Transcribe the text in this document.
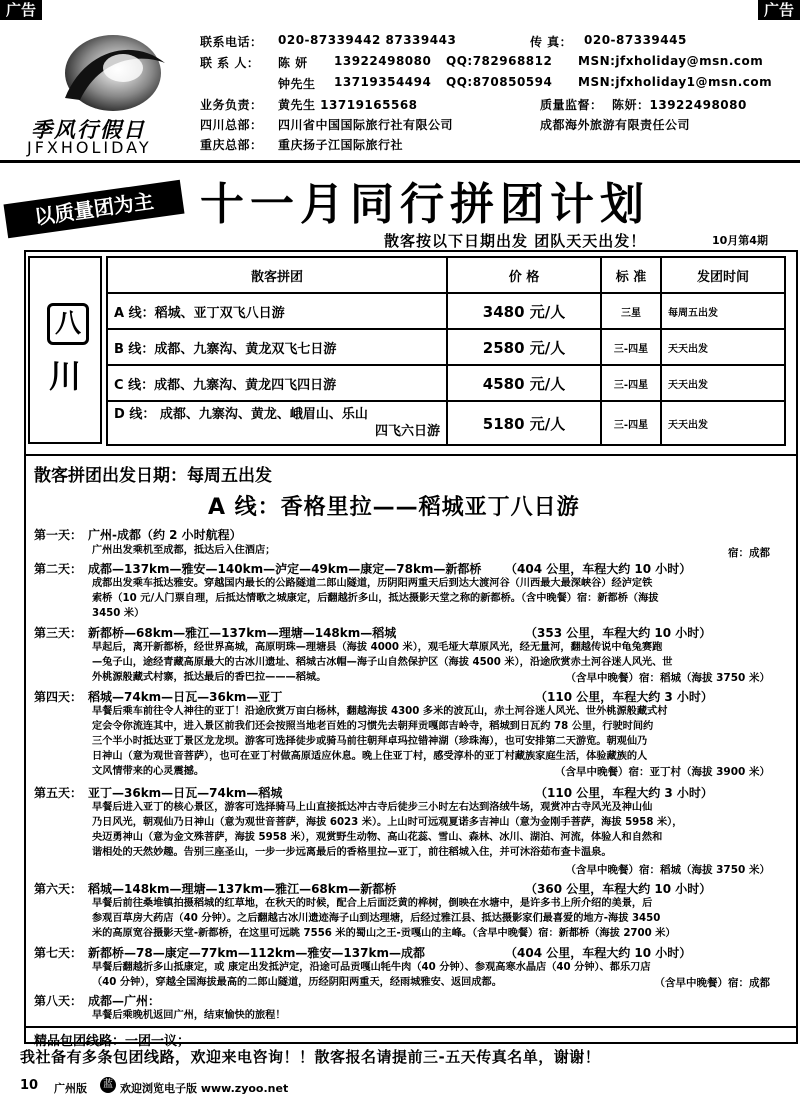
广告	广告
季风行假日
JFXHOLIDAY
联系电话： 020-87339442 87339443	传 真： 020-87339445
联 系 人： 陈 妍 13922498080 QQ:782968812 MSN:jfxholiday@msn.com
钟先生 13719354494 QQ:870850594 MSN:jfxholiday1@msn.com
业务负责： 黄先生 13719165568	质量监督： 陈妍：13922498080
四川总部： 四川省中国国际旅行社有限公司	成都海外旅游有限责任公司
重庆总部： 重庆扬子江国际旅行社
以质量团为主	十一月同行拼团计划
散客按以下日期出发 团队天天出发！	10月第4期
八
川
散客拼团	价 格	标 准	发团时间
A 线：稻城、亚丁双飞八日游	3480 元/人	三星	每周五出发
B 线：成都、九寨沟、黄龙双飞七日游	2580 元/人	三-四星	天天出发
C 线：成都、九寨沟、黄龙四飞四日游	4580 元/人	三-四星	天天出发

D 线： 成都、九寨沟、黄龙、峨眉山、乐山
四飞六日游	5180 元/人	三-四星	天天出发
散客拼团出发日期：每周五出发
A 线：香格里拉——稻城亚丁八日游
第一天： 广州-成都（约 2 小时航程）
广州出发乘机至成都，抵达后入住酒店；	宿：成都
第二天： 成都—137km—雅安—140km—泸定—49km—康定—78km—新都桥 （404 公里，车程大约 10 小时）
成都出发乘车抵达雅安。穿越国内最长的公路隧道二郎山隧道，历阴阳两重天后到达大渡河谷（川西最大最深峡谷）经泸定铁
索桥（10 元/人门票自理，后抵达情歌之城康定，后翻越折多山，抵达摄影天堂之称的新都桥。（含中晚餐）宿：新都桥（海拔
3450 米）
第三天： 新都桥—68km—雅江—137km—理塘—148km—稻城	（353 公里，车程大约 10 小时）
早起后，离开新都桥，经世界高城，高原明珠—理塘县（海拔 4000 米），观毛垭大草原风光，经无量河，翻越传说中龟兔赛跑
—兔子山，途经青藏高原最大的古冰川遗址、稻城古冰帽—海子山自然保护区（海拔 4500 米），沿途欣赏赤土河谷迷人风光、世
外桃源般藏式村寨，抵达最后的香巴拉———稻城。	（含早中晚餐）宿：稻城（海拔 3750 米）
第四天： 稻城—74km—日瓦—36km—亚丁	（110 公里，车程大约 3 小时）
早餐后乘车前往令人神往的亚丁！沿途欣赏万亩白杨林，翻越海拔 4300 多米的波瓦山，赤土河谷迷人风光、世外桃源般藏式村
定会令你流连其中，进入景区前我们还会按照当地老百姓的习惯先去朝拜贡嘎郎吉岭寺，稻城到日瓦约 78 公里，行驶时间约
三个半小时抵达亚丁景区龙龙坝。游客可选择徒步或骑马前往朝拜卓玛拉错神湖（珍珠海），也可安排第二天游览。朝观仙乃
日神山（意为观世音菩萨），也可在亚丁村做高原适应休息。晚上住亚丁村，感受淳朴的亚丁村藏族家庭生活，体验藏族的人
文风情带来的心灵震撼。	（含早中晚餐）宿：亚丁村（海拔 3900 米）
第五天： 亚丁—36km—日瓦—74km—稻城	（110 公里，车程大约 3 小时）
早餐后进入亚丁的核心景区，游客可选择骑马上山直接抵达冲古寺后徒步三小时左右达到洛绒牛场，观赏冲古寺风光及神山仙
乃日风光，朝观仙乃日神山（意为观世音菩萨，海拔 6023 米）。上山时可远观夏诺多吉神山（意为金刚手菩萨，海拔 5958 米），
央迈勇神山（意为金文殊菩萨，海拔 5958 米），观赏野生动物、高山花蕊、雪山、森林、冰川、湖泊、河流，体验人和自然和
谐相处的天然妙趣。告别三座圣山，一步一步远离最后的香格里拉—亚丁，前往稻城入住，并可沐浴茹布查卡温泉。
（含早中晚餐）宿：稻城（海拔 3750 米）
第六天： 稻城—148km—理塘—137km—雅江—68km—新都桥	（360 公里，车程大约 10 小时）
早餐后前往桑堆镇拍摄稻城的红草地，在秋天的时候，配合上后面泛黄的桦树，倒映在水塘中，是许多书上所介绍的美景，后
参观百草房大药店（40 分钟）。之后翻越古冰川遗迹海子山到达理塘，后经过雅江县、抵达摄影家们最喜爱的地方-海拔 3450
米的高原宽谷摄影天堂-新都桥，在这里可远眺 7556 米的蜀山之王-贡嘎山的主峰。（含早中晚餐）宿：新都桥（海拔 2700 米）
第七天： 新都桥—78—康定—77km—112km—雅安—137km—成都	（404 公里，车程大约 10 小时）
早餐后翻越折多山抵康定，或 康定出发抵泸定，沿途可品贡嘎山牦牛肉（40 分钟）、参观高寒水晶店（40 分钟）、都乐刀店
（40 分钟），穿越全国海拔最高的二郎山隧道，历经阴阳两重天，经雨城雅安、返回成都。	（含早中晚餐）宿：成都
第八天： 成都—广州：
早餐后乘晚机返回广州，结束愉快的旅程！
我社备有多条包团线路，欢迎来电咨询！！散客报名请提前三-五天传真名单，谢谢！
10 广州版	蓝 欢迎浏览电子版 www.zyoo.net
精品包团线路：一团一议；
